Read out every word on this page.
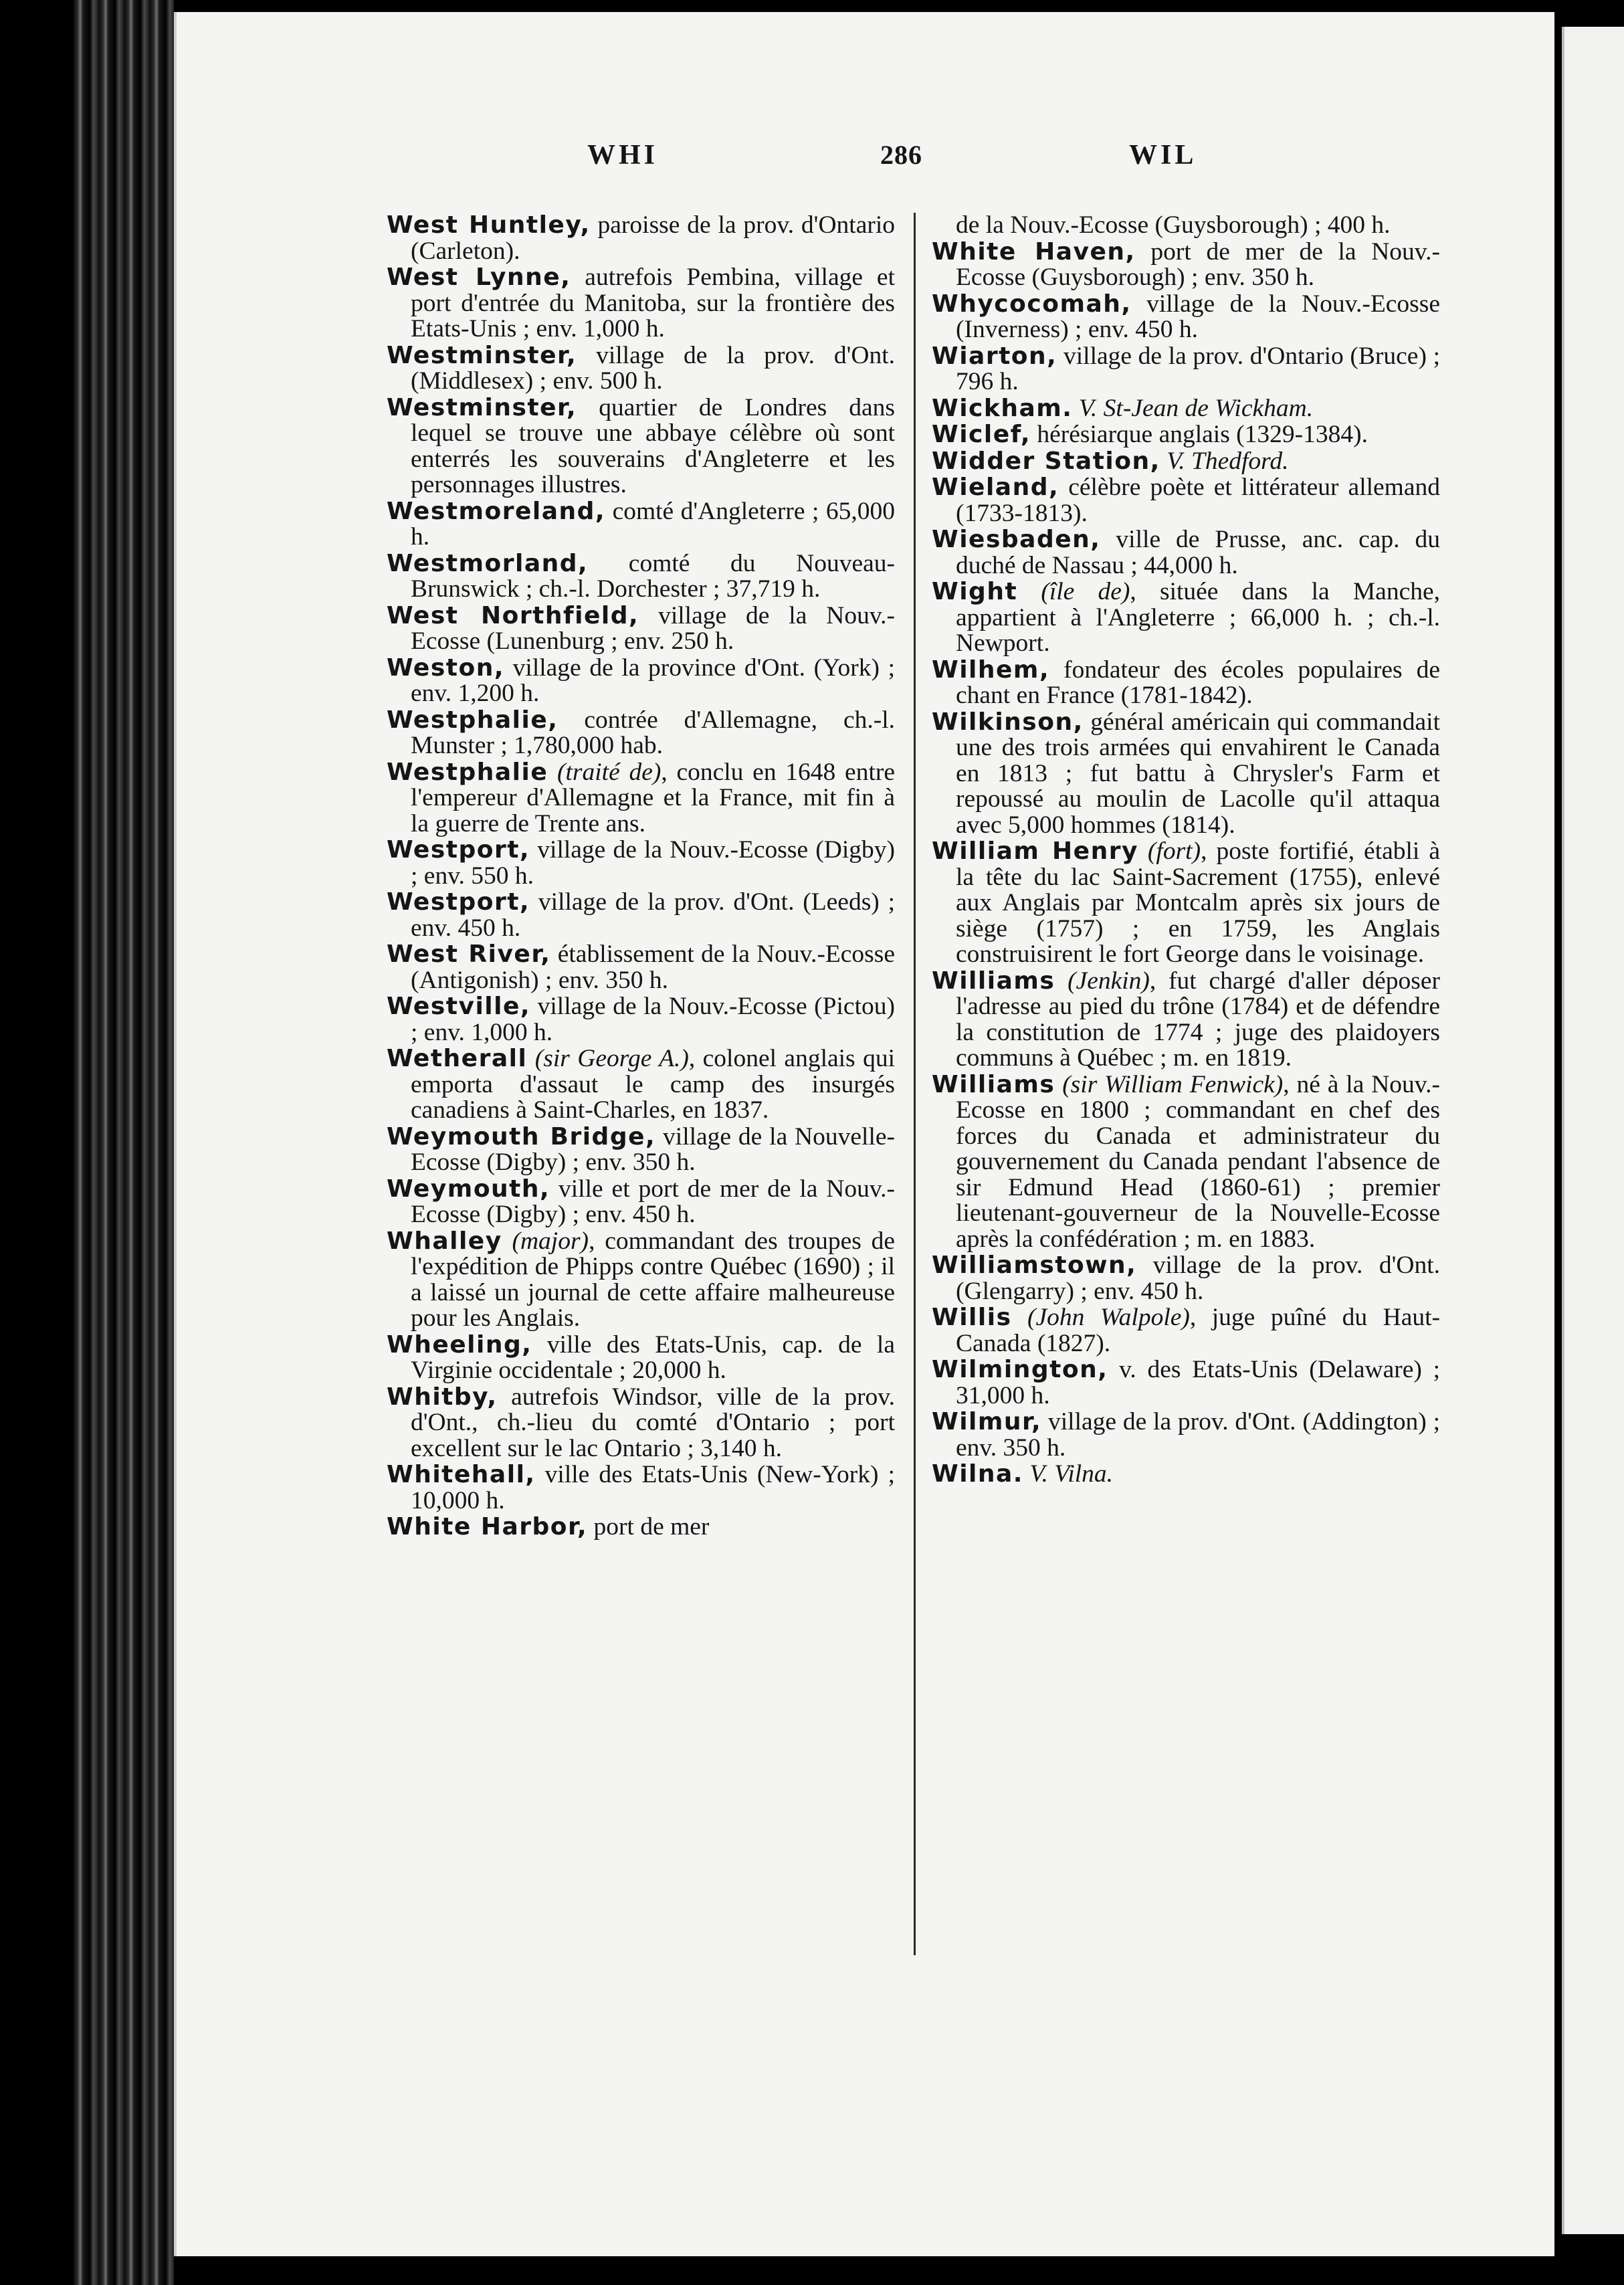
WHI	286	WIL
West Huntley, paroisse de la prov. d'Ontario (Carleton).
West Lynne, autrefois Pembina, village et port d'entrée du Manitoba, sur la frontière des Etats-Unis ; env. 1,000 h.
Westminster, village de la prov. d'Ont. (Middlesex) ; env. 500 h.
Westminster, quartier de Londres dans lequel se trouve une abbaye célèbre où sont enterrés les souverains d'Angleterre et les personnages illustres.
Westmoreland, comté d'Angleterre ; 65,000 h.
Westmorland, comté du Nouveau-Brunswick ; ch.-l. Dorchester ; 37,719 h.
West Northfield, village de la Nouv.-Ecosse (Lunenburg ; env. 250 h.
Weston, village de la province d'Ont. (York) ; env. 1,200 h.
Westphalie, contrée d'Allemagne, ch.-l. Munster ; 1,780,000 hab.
Westphalie (traité de), conclu en 1648 entre l'empereur d'Allemagne et la France, mit fin à la guerre de Trente ans.
Westport, village de la Nouv.-Ecosse (Digby) ; env. 550 h.
Westport, village de la prov. d'Ont. (Leeds) ; env. 450 h.
West River, établissement de la Nouv.-Ecosse (Antigonish) ; env. 350 h.
Westville, village de la Nouv.-Ecosse (Pictou) ; env. 1,000 h.
Wetherall (sir George A.), colonel anglais qui emporta d'assaut le camp des insurgés canadiens à Saint-Charles, en 1837.
Weymouth Bridge, village de la Nouvelle-Ecosse (Digby) ; env. 350 h.
Weymouth, ville et port de mer de la Nouv.-Ecosse (Digby) ; env. 450 h.
Whalley (major), commandant des troupes de l'expédition de Phipps contre Québec (1690) ; il a laissé un journal de cette affaire malheureuse pour les Anglais.
Wheeling, ville des Etats-Unis, cap. de la Virginie occidentale ; 20,000 h.
Whitby, autrefois Windsor, ville de la prov. d'Ont., ch.-lieu du comté d'Ontario ; port excellent sur le lac Ontario ; 3,140 h.
Whitehall, ville des Etats-Unis (New-York) ; 10,000 h.
White Harbor, port de mer
de la Nouv.-Ecosse (Guysborough) ; 400 h.
White Haven, port de mer de la Nouv.-Ecosse (Guysborough) ; env. 350 h.
Whycocomah, village de la Nouv.-Ecosse (Inverness) ; env. 450 h.
Wiarton, village de la prov. d'Ontario (Bruce) ; 796 h.
Wickham. V. St-Jean de Wickham.
Wiclef, hérésiarque anglais (1329-1384).
Widder Station, V. Thedford.
Wieland, célèbre poète et littérateur allemand (1733-1813).
Wiesbaden, ville de Prusse, anc. cap. du duché de Nassau ; 44,000 h.
Wight (île de), située dans la Manche, appartient à l'Angleterre ; 66,000 h. ; ch.-l. Newport.
Wilhem, fondateur des écoles populaires de chant en France (1781-1842).
Wilkinson, général américain qui commandait une des trois armées qui envahirent le Canada en 1813 ; fut battu à Chrysler's Farm et repoussé au moulin de Lacolle qu'il attaqua avec 5,000 hommes (1814).
William Henry (fort), poste fortifié, établi à la tête du lac Saint-Sacrement (1755), enlevé aux Anglais par Montcalm après six jours de siège (1757) ; en 1759, les Anglais construisirent le fort George dans le voisinage.
Williams (Jenkin), fut chargé d'aller déposer l'adresse au pied du trône (1784) et de défendre la constitution de 1774 ; juge des plaidoyers communs à Québec ; m. en 1819.
Williams (sir William Fenwick), né à la Nouv.-Ecosse en 1800 ; commandant en chef des forces du Canada et administrateur du gouvernement du Canada pendant l'absence de sir Edmund Head (1860-61) ; premier lieutenant-gouverneur de la Nouvelle-Ecosse après la confédération ; m. en 1883.
Williamstown, village de la prov. d'Ont. (Glengarry) ; env. 450 h.
Willis (John Walpole), juge puîné du Haut-Canada (1827).
Wilmington, v. des Etats-Unis (Delaware) ; 31,000 h.
Wilmur, village de la prov. d'Ont. (Addington) ; env. 350 h.
Wilna. V. Vilna.
